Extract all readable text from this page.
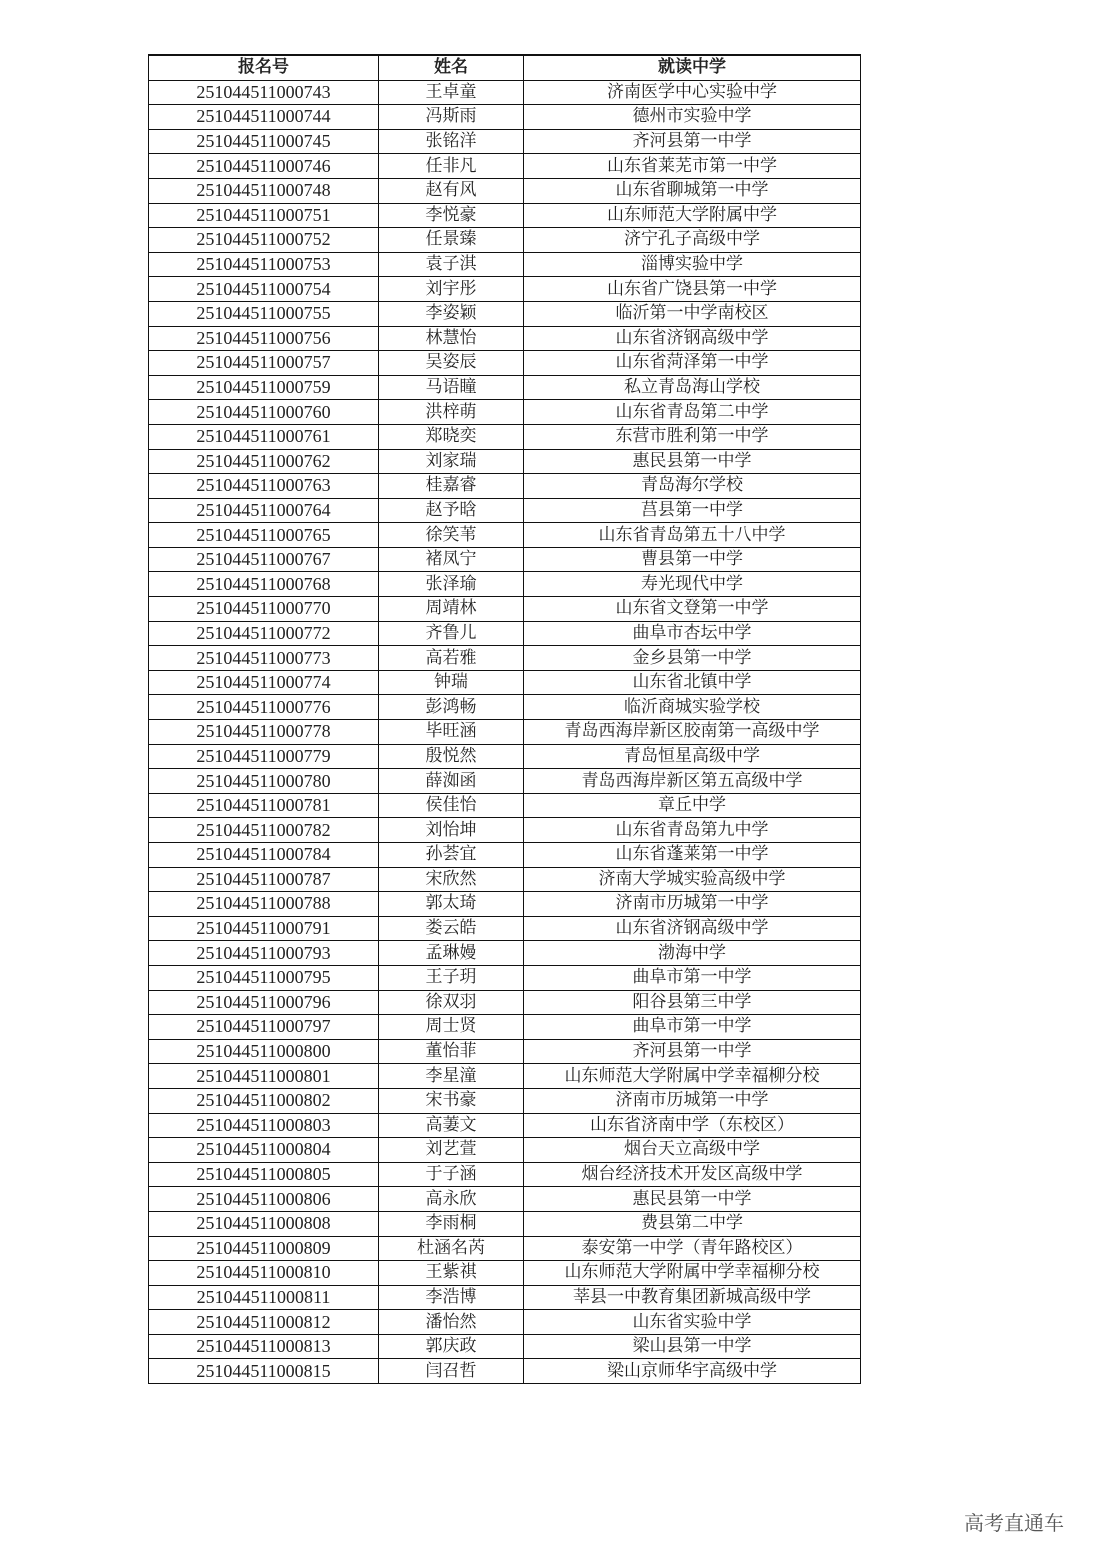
报名号	姓名	就读中学
251044511000743	王卓童	济南医学中心实验中学
251044511000744	冯斯雨	德州市实验中学
251044511000745	张铭洋	齐河县第一中学
251044511000746	任非凡	山东省莱芜市第一中学
251044511000748	赵有风	山东省聊城第一中学
251044511000751	李悦豪	山东师范大学附属中学
251044511000752	任景臻	济宁孔子高级中学
251044511000753	袁子淇	淄博实验中学
251044511000754	刘宇彤	山东省广饶县第一中学
251044511000755	李姿颖	临沂第一中学南校区
251044511000756	林慧怡	山东省济钢高级中学
251044511000757	吴姿辰	山东省菏泽第一中学
251044511000759	马语瞳	私立青岛海山学校
251044511000760	洪梓萌	山东省青岛第二中学
251044511000761	郑晓奕	东营市胜利第一中学
251044511000762	刘家瑞	惠民县第一中学
251044511000763	桂嘉睿	青岛海尔学校
251044511000764	赵予晗	莒县第一中学
251044511000765	徐笑苇	山东省青岛第五十八中学
251044511000767	褚凤宁	曹县第一中学
251044511000768	张泽瑜	寿光现代中学
251044511000770	周靖林	山东省文登第一中学
251044511000772	齐鲁儿	曲阜市杏坛中学
251044511000773	高若雅	金乡县第一中学
251044511000774	钟瑞	山东省北镇中学
251044511000776	彭鸿畅	临沂商城实验学校
251044511000778	毕旺涵	青岛西海岸新区胶南第一高级中学
251044511000779	殷悦然	青岛恒星高级中学
251044511000780	薛洳函	青岛西海岸新区第五高级中学
251044511000781	侯佳怡	章丘中学
251044511000782	刘怡坤	山东省青岛第九中学
251044511000784	孙荟宜	山东省蓬莱第一中学
251044511000787	宋欣然	济南大学城实验高级中学
251044511000788	郭太琦	济南市历城第一中学
251044511000791	娄云皓	山东省济钢高级中学
251044511000793	孟琳嫚	渤海中学
251044511000795	王子玥	曲阜市第一中学
251044511000796	徐双羽	阳谷县第三中学
251044511000797	周士贤	曲阜市第一中学
251044511000800	董怡菲	齐河县第一中学
251044511000801	李星潼	山东师范大学附属中学幸福柳分校
251044511000802	宋书豪	济南市历城第一中学
251044511000803	高萋文	山东省济南中学（东校区）
251044511000804	刘艺萱	烟台天立高级中学
251044511000805	于子涵	烟台经济技术开发区高级中学
251044511000806	高永欣	惠民县第一中学
251044511000808	李雨桐	费县第二中学
251044511000809	杜涵名芮	泰安第一中学（青年路校区）
251044511000810	王紫祺	山东师范大学附属中学幸福柳分校
251044511000811	李浩博	莘县一中教育集团新城高级中学
251044511000812	潘怡然	山东省实验中学
251044511000813	郭庆政	梁山县第一中学
251044511000815	闫召哲	梁山京师华宇高级中学
高考直通车
